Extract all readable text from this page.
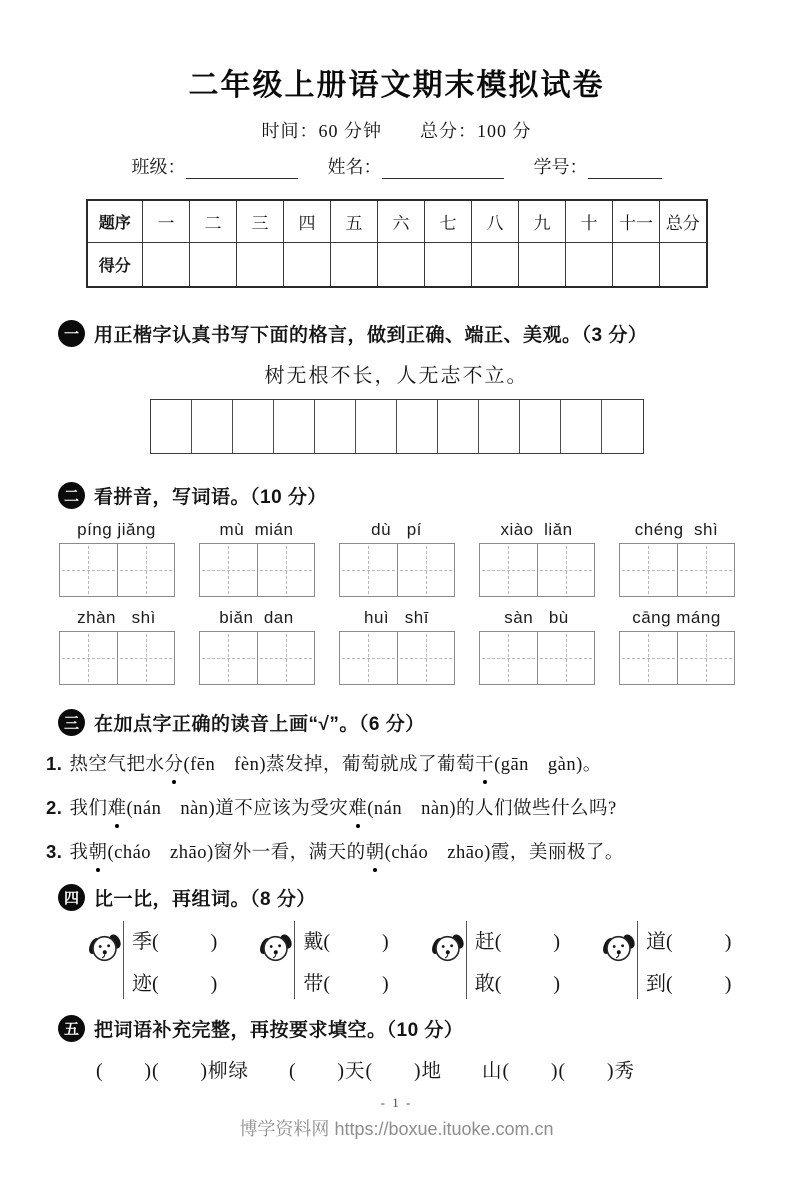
二年级上册语文期末模拟试卷
时间：60 分钟　　总分：100 分
班级：	姓名：	学号：
题序	一	二	三	四	五	六	七	八	九	十	十一	总分
得分												
一 用正楷字认真书写下面的格言，做到正确、端正、美观。（3 分）
树无根不长，人无志不立。
二 看拼音，写词语。（10 分）
píng jiǎng	mù  mián	dù   pí	xiào  liǎn	chéng  shì
zhàn   shì	biǎn  dan	huì   shī	sàn   bù	cāng máng
三 在加点字正确的读音上画“√”。（6 分）
1. 热空气把水分(fēn　fèn)蒸发掉，葡萄就成了葡萄干(gān　gàn)。
2. 我们难(nán　nàn)道不应该为受灾难(nán　nàn)的人们做些什么吗?
3. 我朝(cháo　zhāo)窗外一看，满天的朝(cháo　zhāo)霞，美丽极了。
四 比一比，再组词。（8 分）
季 (	)
迹 (	)
戴 (	)
带 (	)
赶 (	)
敢 (	)
道 (	)
到 (	)
五 把词语补充完整，再按要求填空。（10 分）
(　　)(　　)柳绿 (　　)天(　　)地 山(　　)(　　)秀
- 1 -
博学资料网 https://boxue.ituoke.com.cn
